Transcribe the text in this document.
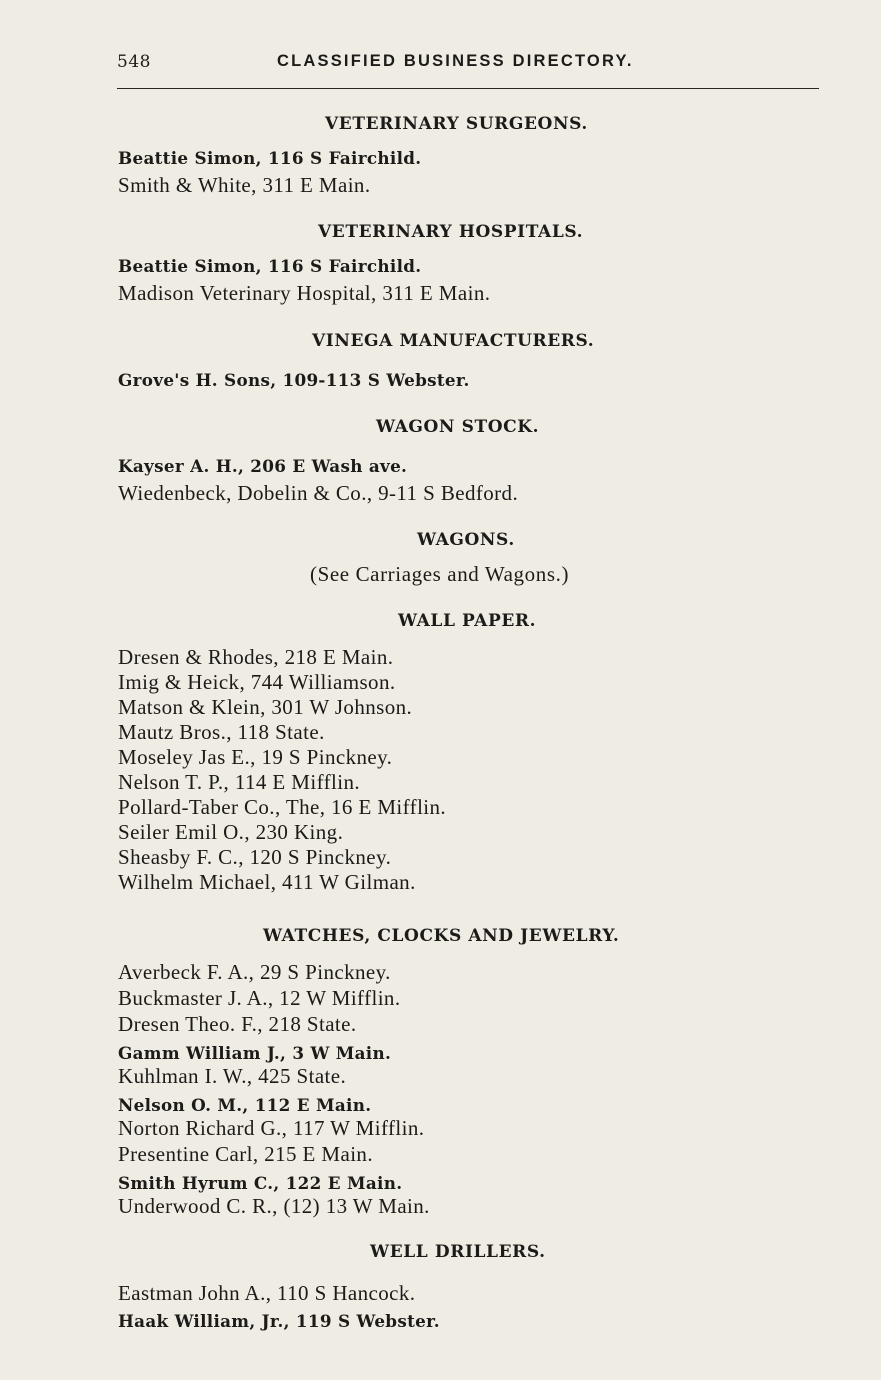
548	CLASSIFIED BUSINESS DIRECTORY.
VETERINARY SURGEONS.
Beattie Simon, 116 S Fairchild.
Smith & White, 311 E Main.
VETERINARY HOSPITALS.
Beattie Simon, 116 S Fairchild.
Madison Veterinary Hospital, 311 E Main.
VINEGA MANUFACTURERS.
Grove's H. Sons, 109-113 S Webster.
WAGON STOCK.
Kayser A. H., 206 E Wash ave.
Wiedenbeck, Dobelin & Co., 9-11 S Bedford.
WAGONS.
(See Carriages and Wagons.)
WALL PAPER.
Dresen & Rhodes, 218 E Main.
Imig & Heick, 744 Williamson.
Matson & Klein, 301 W Johnson.
Mautz Bros., 118 State.
Moseley Jas E., 19 S Pinckney.
Nelson T. P., 114 E Mifflin.
Pollard-Taber Co., The, 16 E Mifflin.
Seiler Emil O., 230 King.
Sheasby F. C., 120 S Pinckney.
Wilhelm Michael, 411 W Gilman.
WATCHES, CLOCKS AND JEWELRY.
Averbeck F. A., 29 S Pinckney.
Buckmaster J. A., 12 W Mifflin.
Dresen Theo. F., 218 State.
Gamm William J., 3 W Main.
Kuhlman I. W., 425 State.
Nelson O. M., 112 E Main.
Norton Richard G., 117 W Mifflin.
Presentine Carl, 215 E Main.
Smith Hyrum C., 122 E Main.
Underwood C. R., (12) 13 W Main.
WELL DRILLERS.
Eastman John A., 110 S Hancock.
Haak William, Jr., 119 S Webster.
